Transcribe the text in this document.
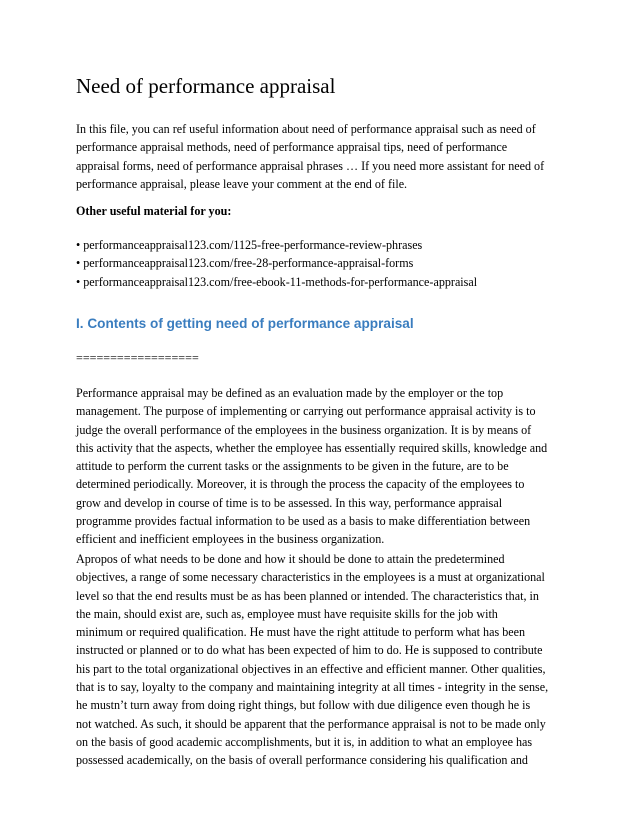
Need of performance appraisal
In this file, you can ref useful information about need of performance appraisal such as need of
performance appraisal methods, need of performance appraisal tips, need of performance
appraisal forms, need of performance appraisal phrases … If you need more assistant for need of
performance appraisal, please leave your comment at the end of file.
Other useful material for you:
• performanceappraisal123.com/1125-free-performance-review-phrases
• performanceappraisal123.com/free-28-performance-appraisal-forms
• performanceappraisal123.com/free-ebook-11-methods-for-performance-appraisal
I. Contents of getting need of performance appraisal
==================
Performance appraisal may be defined as an evaluation made by the employer or the top
management. The purpose of implementing or carrying out performance appraisal activity is to
judge the overall performance of the employees in the business organization. It is by means of
this activity that the aspects, whether the employee has essentially required skills, knowledge and
attitude to perform the current tasks or the assignments to be given in the future, are to be
determined periodically. Moreover, it is through the process the capacity of the employees to
grow and develop in course of time is to be assessed. In this way, performance appraisal
programme provides factual information to be used as a basis to make differentiation between
efficient and inefficient employees in the business organization.
Apropos of what needs to be done and how it should be done to attain the predetermined
objectives, a range of some necessary characteristics in the employees is a must at organizational
level so that the end results must be as has been planned or intended. The characteristics that, in
the main, should exist are, such as, employee must have requisite skills for the job with
minimum or required qualification. He must have the right attitude to perform what has been
instructed or planned or to do what has been expected of him to do. He is supposed to contribute
his part to the total organizational objectives in an effective and efficient manner. Other qualities,
that is to say, loyalty to the company and maintaining integrity at all times - integrity in the sense,
he mustn’t turn away from doing right things, but follow with due diligence even though he is
not watched. As such, it should be apparent that the performance appraisal is not to be made only
on the basis of good academic accomplishments, but it is, in addition to what an employee has
possessed academically, on the basis of overall performance considering his qualification and
